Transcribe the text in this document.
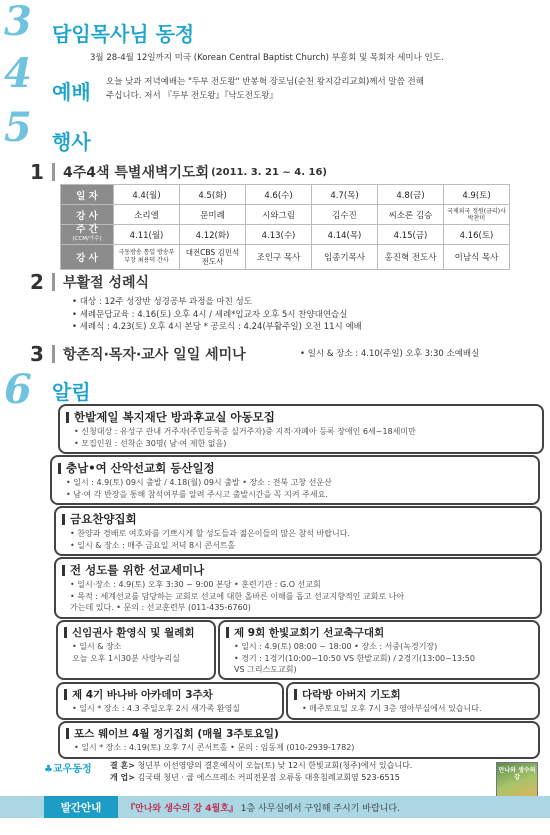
3 담임목사님 동정
3월 28-4월 12일까지 미국 (Korean Central Baptist Church) 부흥회 및 목회자 세미나 인도.
4 예배 오늘 낮과 저녁예배는 "두부 전도왕" 반봉혁 장로님(순천 왕지감리교회)께서 말씀 전해
주십니다. 저서 『두부 전도왕』『낙도전도왕』
5 행사
1	4주4색 특별새벽기도회 (2011. 3. 21 ~ 4. 16)
일 자	4.4(월)	4.5(화)	4.6(수)	4.7(목)	4.8(금)	4.9(토)
강 사	소리엘	문미례	시와그림	김수진	씨소론 김승	국제외국 정원(금리)사 박찬미
주 간
(CCM/가수)	4.11(월)	4.12(화)	4.13(수)	4.14(목)	4.15(금)	4.16(토)
강 사	극동방송 통일 방송부 부장 최용덕 간사	대전CBS 김민석 전도사	조인구 목사	임종기목사	홍진혁 전도사	이남식 목사
2	부활절 성례식
• 대상 : 12주 성장반 성경공부 과정을 마친 성도
• 세례문답교육 : 4.16(토) 오후 4시 / 세례*입교자 오후 5시 찬양대연습실
• 세례식 : 4.23(토) 오후 4시 본당 * 공로식 : 4.24(부활주일) 오전 11시 예배
3	항존직·목자·교사 일일 세미나	• 일시 & 장소 : 4.10(주일) 오후 3:30 소예배실
6 알림
한밭제일 복지재단 방과후교실 아동모집
• 신청대상 : 유성구 관내 거주자(주민등록증 실거주자)중 지적·자폐아 등록 장애인 6세~18세미만
• 모집인원 : 선착순 30명( 남·여 제한 없음)
충남•여 산악선교회 등산일정
• 일시 : 4.9(토) 09시 출발 / 4.18(월) 09시 출발 • 장소 : 전북 고창 선운산
• 남·여 각 반장을 통해 참석여부를 알려 주시고 출발시간을 꼭 지켜 주세요.
금요찬양집회
• 찬양과 경배로 여호와를 기쁘시게 할 성도들과 젊은이들의 많은 참석 바랍니다.
• 일시 & 장소 : 매주 금요일 저녁 8시 콘서트홀
전 성도를 위한 선교세미나
• 일시·장소 : 4.9(토) 오후 3:30 ~ 9:00 본당 • 훈련기관 : G.O 선교회
• 목적 : 세계선교를 담당하는 교회로 선교에 대한 올바른 이해를 돕고 선교지향적인 교회로 나아
가는데 있다. • 문의 : 선교훈련부 (011-435-6760)
신임권사 환영식 및 월례회
• 일시 & 장소
오늘 오후 1시30분 사랑누리실
제 9회 한빛교회기 선교축구대회
• 일시 : 4.9(토) 08:00 ~ 18:00 • 장소 : 서중(녹경기장)
• 경기 : 1경기(10:00~10:50 VS 한밭교회) / 2경기(13:00~13:50
VS 그리스도교회)
제 4기 바나바 아카데미 3주차
• 일시 * 장소 : 4.3 주일오후 2시 새가족 환영실
다락방 아버지 기도회
• 매주토요일 오후 7시 3층 영아부실에서 있습니다.
포스 웨이브 4월 정기집회 (매월 3주토요일)
• 일시 * 장소 : 4.19(토) 오후 7시 콘서트홀 • 문의 : 임동제 (010-2939-1782)
♣교우동정	결 혼> 청년부 이선영양의 결혼예식이 오늘(토) 낮 12시 한빛교회(청주)에서 있습니다.
개 업> 김국태 청년 · 쿱 에스프레소 커피전문점 오류동 대흥침례교회옆 523-6515
만나와 생수의강
발간안내	『만나와 생수의 강 4월호』 1층 사무실에서 구입해 주시기 바랍니다.
